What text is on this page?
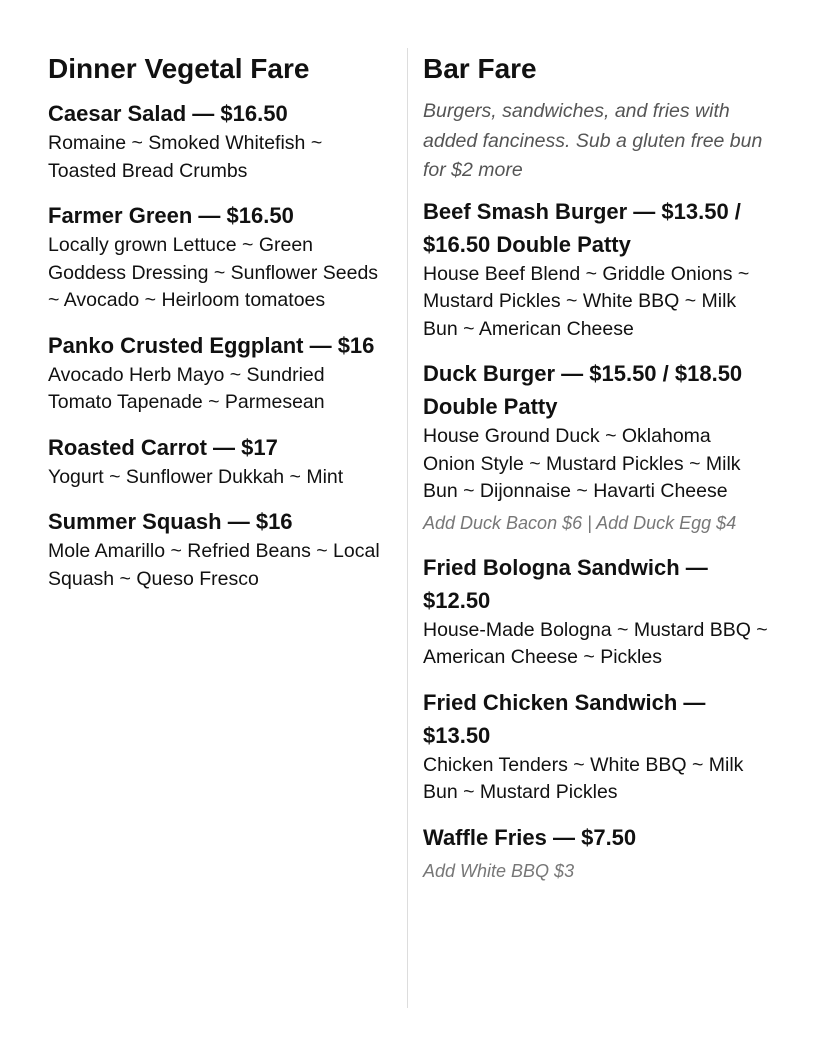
Dinner Vegetal Fare
Caesar Salad — $16.50
Romaine ~ Smoked Whitefish ~ Toasted Bread Crumbs
Farmer Green — $16.50
Locally grown Lettuce ~ Green Goddess Dressing ~ Sunflower Seeds ~ Avocado ~ Heirloom tomatoes
Panko Crusted Eggplant — $16
Avocado Herb Mayo ~ Sundried Tomato Tapenade ~ Parmesean
Roasted Carrot — $17
Yogurt ~ Sunflower Dukkah ~ Mint
Summer Squash — $16
Mole Amarillo ~ Refried Beans ~ Local Squash ~ Queso Fresco
Bar Fare
Burgers, sandwiches, and fries with added fanciness. Sub a gluten free bun for $2 more
Beef Smash Burger — $13.50 / $16.50 Double Patty
House Beef Blend ~ Griddle Onions ~ Mustard Pickles ~ White BBQ ~ Milk Bun ~ American Cheese
Duck Burger — $15.50 / $18.50 Double Patty
House Ground Duck ~ Oklahoma Onion Style ~ Mustard Pickles ~ Milk Bun ~ Dijonnaise ~ Havarti Cheese
Add Duck Bacon $6 | Add Duck Egg $4
Fried Bologna Sandwich — $12.50
House-Made Bologna ~ Mustard BBQ ~ American Cheese ~ Pickles
Fried Chicken Sandwich — $13.50
Chicken Tenders ~ White BBQ ~ Milk Bun ~ Mustard Pickles
Waffle Fries — $7.50
Add White BBQ $3
